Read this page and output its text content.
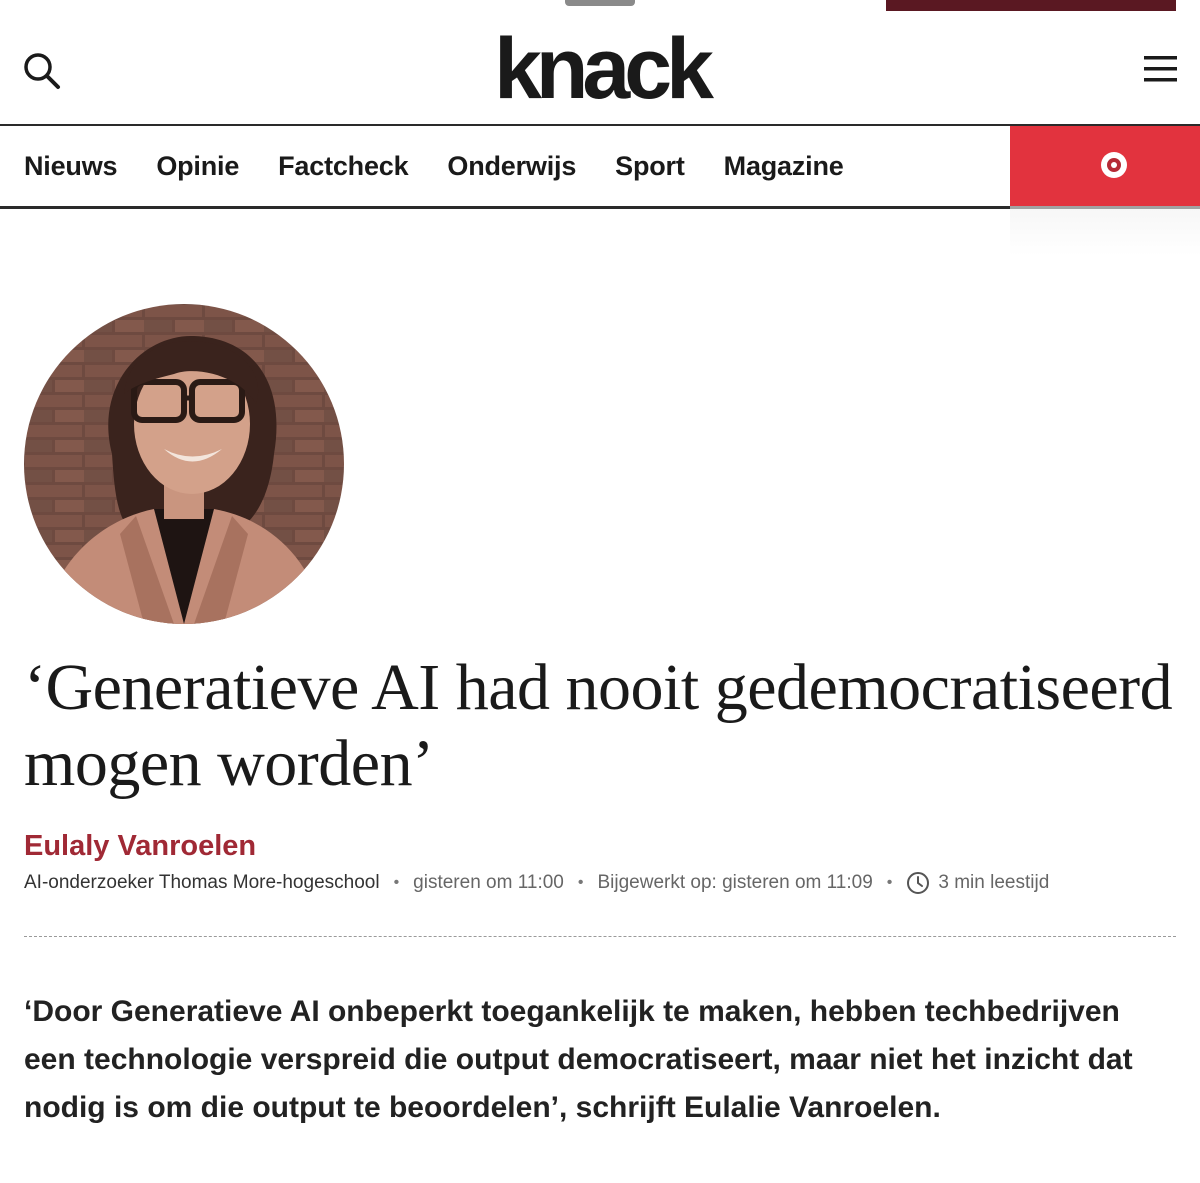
knack
Nieuws Opinie Factcheck Onderwijs Sport Magazine
‘Generatieve AI had nooit gedemocratiseerd mogen worden’
Eulaly Vanroelen
AI-onderzoeker Thomas More-hogeschool • gisteren om 11:00 • Bijgewerkt op: gisteren om 11:09 • 3 min leestijd

‘Door Generatieve AI onbeperkt toegankelijk te maken, hebben techbedrijven een technologie verspreid die output democratiseert, maar niet het inzicht dat nodig is om die output te beoordelen’, schrijft Eulalie Vanroelen.
